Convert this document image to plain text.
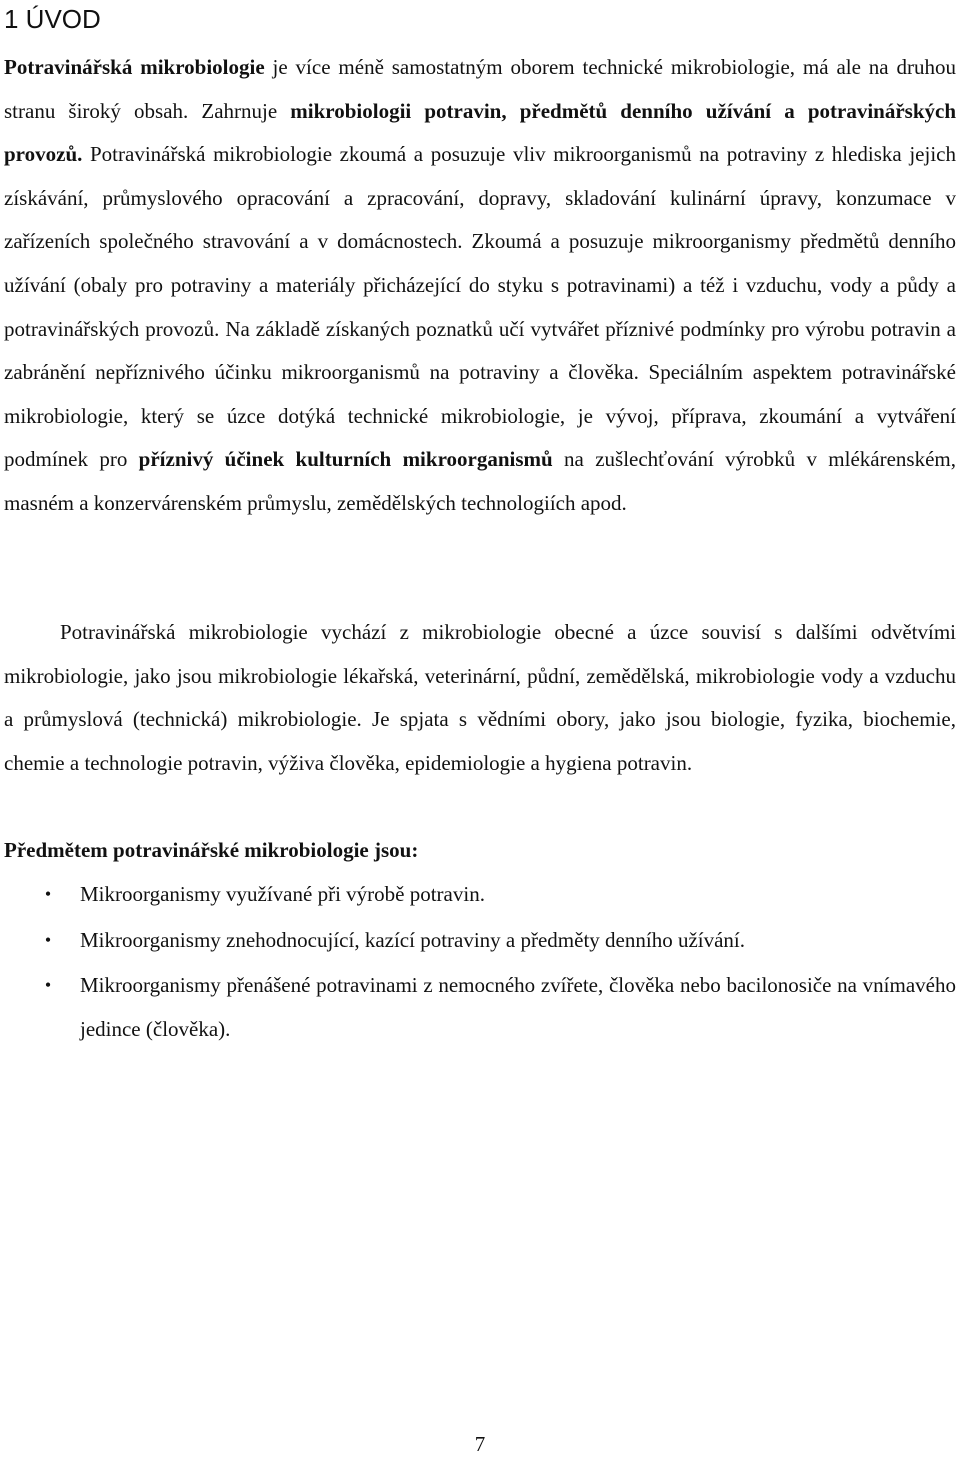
1 ÚVOD

Potravinářská mikrobiologie je více méně samostatným oborem technické mikrobiologie, má ale na druhou stranu široký obsah. Zahrnuje mikrobiologii potravin, předmětů denního užívání a potravinářských provozů. Potravinářská mikrobiologie zkoumá a posuzuje vliv mikroorganismů na potraviny z hlediska jejich získávání, průmyslového opracování a zpracování, dopravy, skladování kulinární úpravy, konzumace v zařízeních společného stravování a v domácnostech. Zkoumá a posuzuje mikroorganismy předmětů denního užívání (obaly pro potraviny a materiály přicházející do styku s potravinami) a též i vzduchu, vody a půdy a potravinářských provozů. Na základě získaných poznatků učí vytvářet příznivé podmínky pro výrobu potravin a zabránění nepříznivého účinku mikroorganismů na potraviny a člověka. Speciálním aspektem potravinářské mikrobiologie, který se úzce dotýká technické mikrobiologie, je vývoj, příprava, zkoumání a vytváření podmínek pro příznivý účinek kulturních mikroorganismů na zušlechťování výrobků v mlékárenském, masném a konzervárenském průmyslu, zemědělských technologiích apod.

Potravinářská mikrobiologie vychází z mikrobiologie obecné a úzce souvisí s dalšími odvětvími mikrobiologie, jako jsou mikrobiologie lékařská, veterinární, půdní, zemědělská, mikrobiologie vody a vzduchu a průmyslová (technická) mikrobiologie. Je spjata s vědními obory, jako jsou biologie, fyzika, biochemie, chemie a technologie potravin, výživa člověka, epidemiologie a hygiena potravin.

Předmětem potravinářské mikrobiologie jsou:

•	Mikroorganismy využívané při výrobě potravin.
•	Mikroorganismy znehodnocující, kazící potraviny a předměty denního užívání.
•	Mikroorganismy přenášené potravinami z nemocného zvířete, člověka nebo bacilonosiče na vnímavého jedince (člověka).
7
